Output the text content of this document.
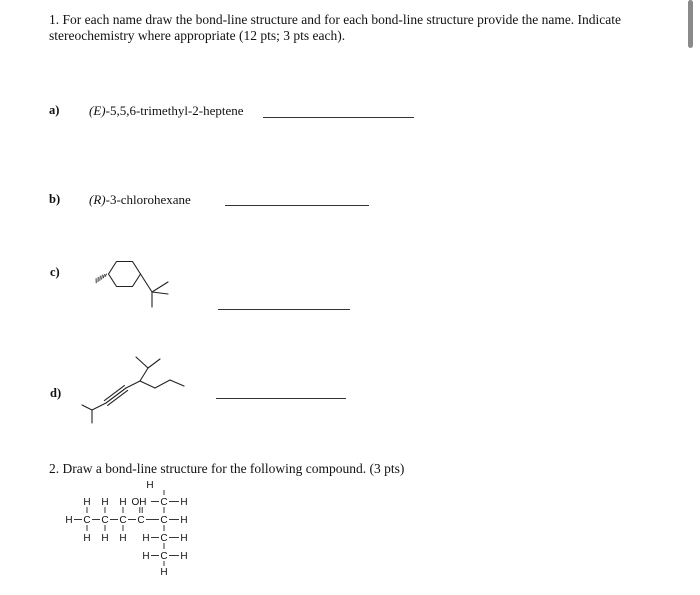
1. For each name draw the bond-line structure and for each bond-line structure provide the name. Indicate
stereochemistry where appropriate (12 pts; 3 pts each).
a) (E)-5,5,6-trimethyl-2-heptene
b) (R)-3-chlorohexane
c)
d)
2. Draw a bond-line structure for the following compound. (3 pts)
H
H H H OH C H
H C C C C C H
H H H H C H
H C H
H
